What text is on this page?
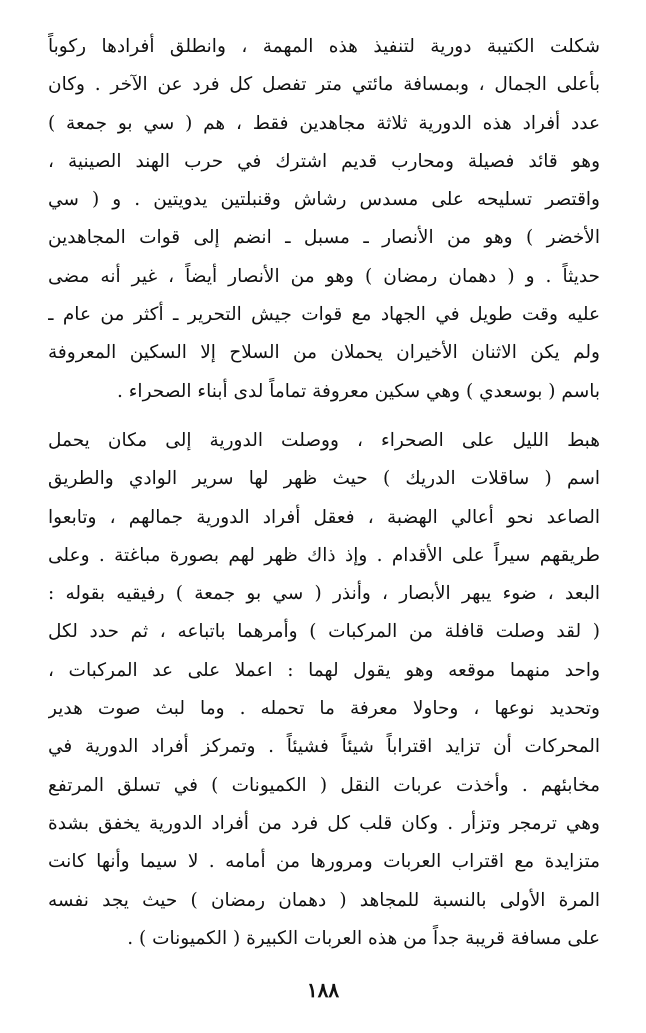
شكلت الكتيبة دورية لتنفيذ هذه المهمة ، وانطلق أفرادها ركوباً
بأعلى الجمال ، وبمسافة مائتي متر تفصل كل فرد عن الآخر . وكان
عدد أفراد هذه الدورية ثلاثة مجاهدين فقط ، هم ( سي بو جمعة )
وهو قائد فصيلة ومحارب قديم اشترك في حرب الهند الصينية ،
واقتصر تسليحه على مسدس رشاش وقنبلتين يدويتين . و ( سي
الأخضر ) وهو من الأنصار ـ مسبل ـ انضم إلى قوات المجاهدين
حديثاً . و ( دهمان رمضان ) وهو من الأنصار أيضاً ، غير أنه مضى
عليه وقت طويل في الجهاد مع قوات جيش التحرير ـ أكثر من عام ـ
ولم يكن الاثنان الأخيران يحملان من السلاح إلا السكين المعروفة
باسم ( بوسعدي ) وهي سكين معروفة تماماً لدى أبناء الصحراء .
هبط الليل على الصحراء ، ووصلت الدورية إلى مكان يحمل
اسم ( ساقلات الدريك ) حيث ظهر لها سرير الوادي والطريق
الصاعد نحو أعالي الهضبة ، فعقل أفراد الدورية جمالهم ، وتابعوا
طريقهم سيراً على الأقدام . وإذ ذاك ظهر لهم بصورة مباغتة . وعلى
البعد ، ضوء يبهر الأبصار ، وأنذر ( سي بو جمعة ) رفيقيه بقوله :
( لقد وصلت قافلة من المركبات ) وأمرهما باتباعه ، ثم حدد لكل
واحد منهما موقعه وهو يقول لهما : اعملا على عد المركبات ،
وتحديد نوعها ، وحاولا معرفة ما تحمله . وما لبث صوت هدير
المحركات أن تزايد اقتراباً شيئاً فشيئاً . وتمركز أفراد الدورية في
مخابئهم . وأخذت عربات النقل ( الكميونات ) في تسلق المرتفع
وهي ترمجر وتزأر . وكان قلب كل فرد من أفراد الدورية يخفق بشدة
متزايدة مع اقتراب العربات ومرورها من أمامه . لا سيما وأنها كانت
المرة الأولى بالنسبة للمجاهد ( دهمان رمضان ) حيث يجد نفسه
على مسافة قريبة جداً من هذه العربات الكبيرة ( الكميونات ) .
١٨٨
